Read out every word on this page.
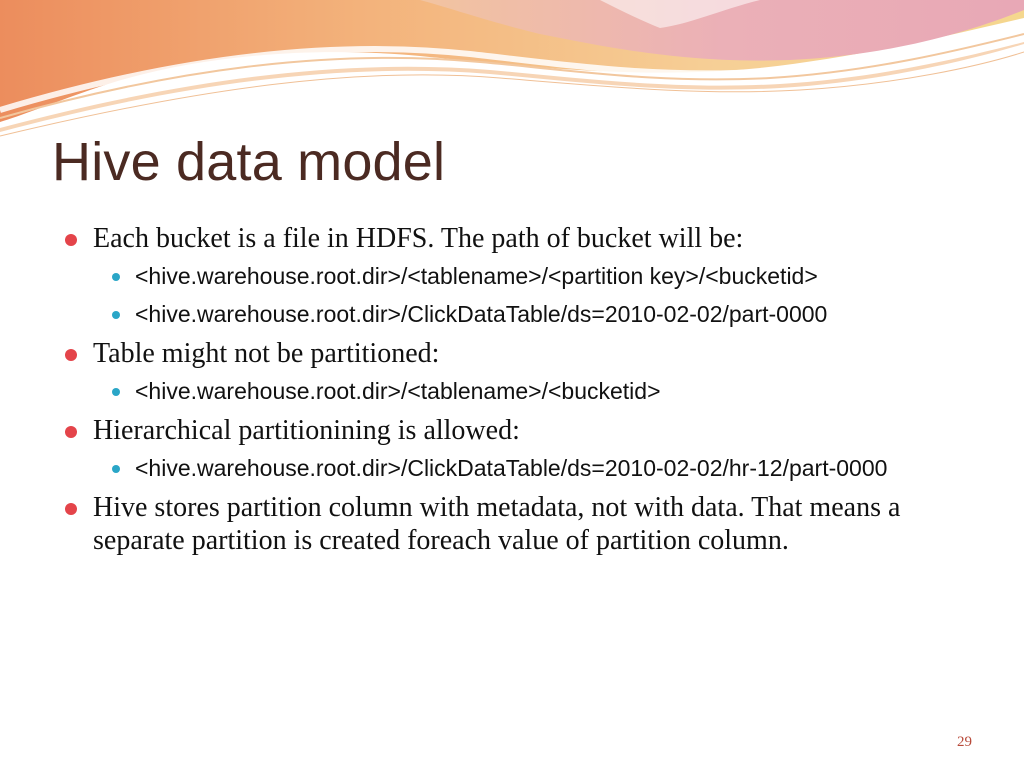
Hive data model
Each bucket is a file in HDFS. The path of bucket will be:
<hive.warehouse.root.dir>/<tablename>/<partition key>/<bucketid>
<hive.warehouse.root.dir>/ClickDataTable/ds=2010-02-02/part-0000
Table might not be partitioned:
<hive.warehouse.root.dir>/<tablename>/<bucketid>
Hierarchical partitionining is allowed:
<hive.warehouse.root.dir>/ClickDataTable/ds=2010-02-02/hr-12/part-0000
Hive stores partition column with metadata, not with data. That means a separate partition is created foreach value of partition column.
29
